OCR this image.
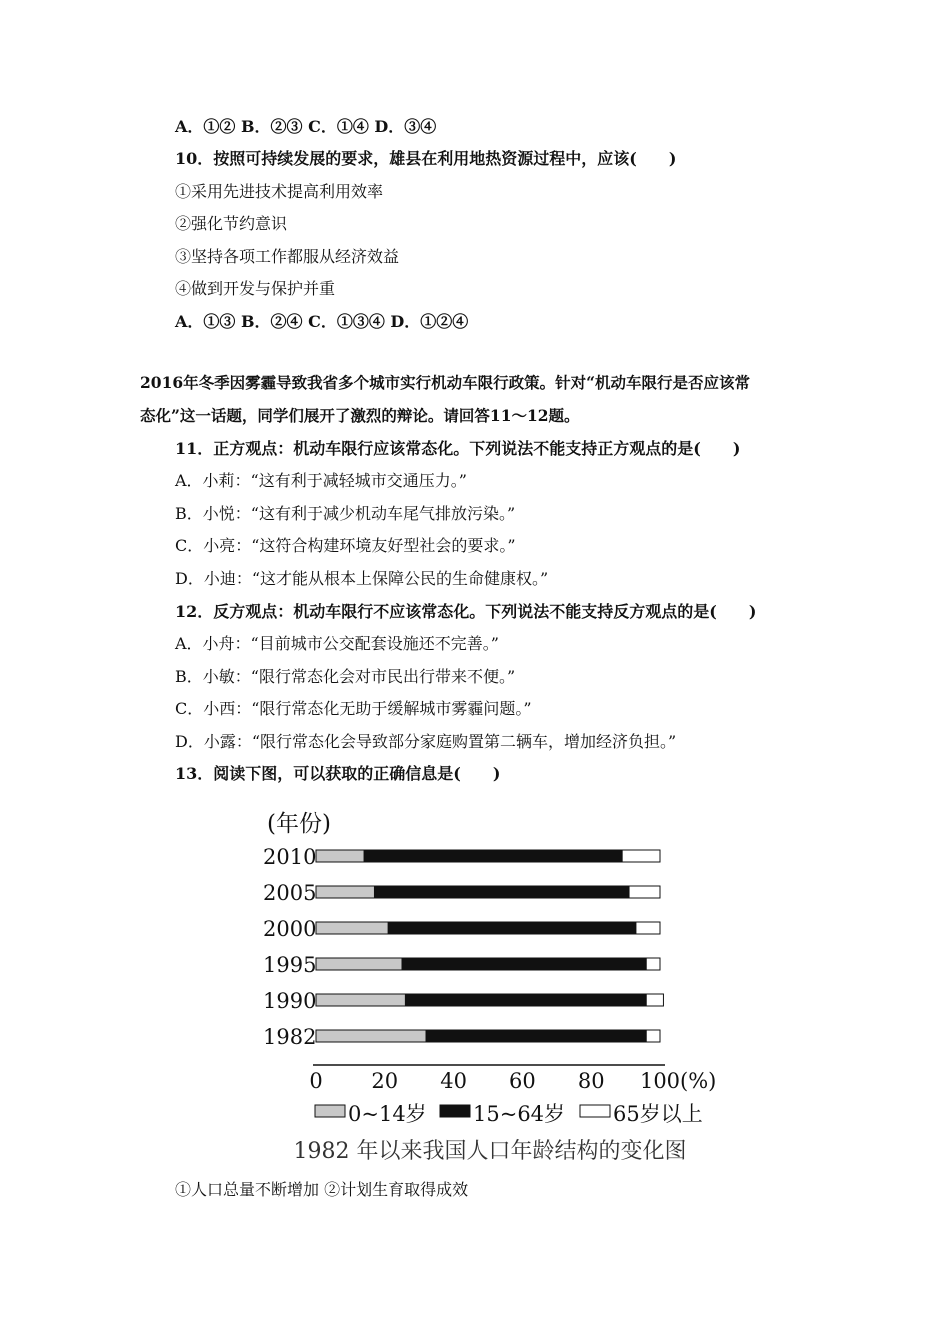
A．①② B．②③ C．①④ D．③④
10．按照可持续发展的要求，雄县在利用地热资源过程中，应该(　　)
①采用先进技术提高利用效率
②强化节约意识
③坚持各项工作都服从经济效益
④做到开发与保护并重
A．①③ B．②④ C．①③④ D．①②④
2016年冬季因雾霾导致我省多个城市实行机动车限行政策。针对“机动车限行是否应该常
态化”这一话题，同学们展开了激烈的辩论。请回答11～12题。
11．正方观点：机动车限行应该常态化。下列说法不能支持正方观点的是(　　)
A．小莉：“这有利于减轻城市交通压力。”
B．小悦：“这有利于减少机动车尾气排放污染。”
C．小亮：“这符合构建环境友好型社会的要求。”
D．小迪：“这才能从根本上保障公民的生命健康权。”
12．反方观点：机动车限行不应该常态化。下列说法不能支持反方观点的是(　　)
A．小舟：“目前城市公交配套设施还不完善。”
B．小敏：“限行常态化会对市民出行带来不便。”
C．小西：“限行常态化无助于缓解城市雾霾问题。”
D．小露：“限行常态化会导致部分家庭购置第二辆车，增加经济负担。”
13．阅读下图，可以获取的正确信息是(　　)
(年份)
2010
2005
2000
1995
1990
1982
0 20 40 60 80 100 (%)
0~14岁 15~64岁 65岁以上
1982 年以来我国人口年龄结构的变化图
①人口总量不断增加 ②计划生育取得成效
